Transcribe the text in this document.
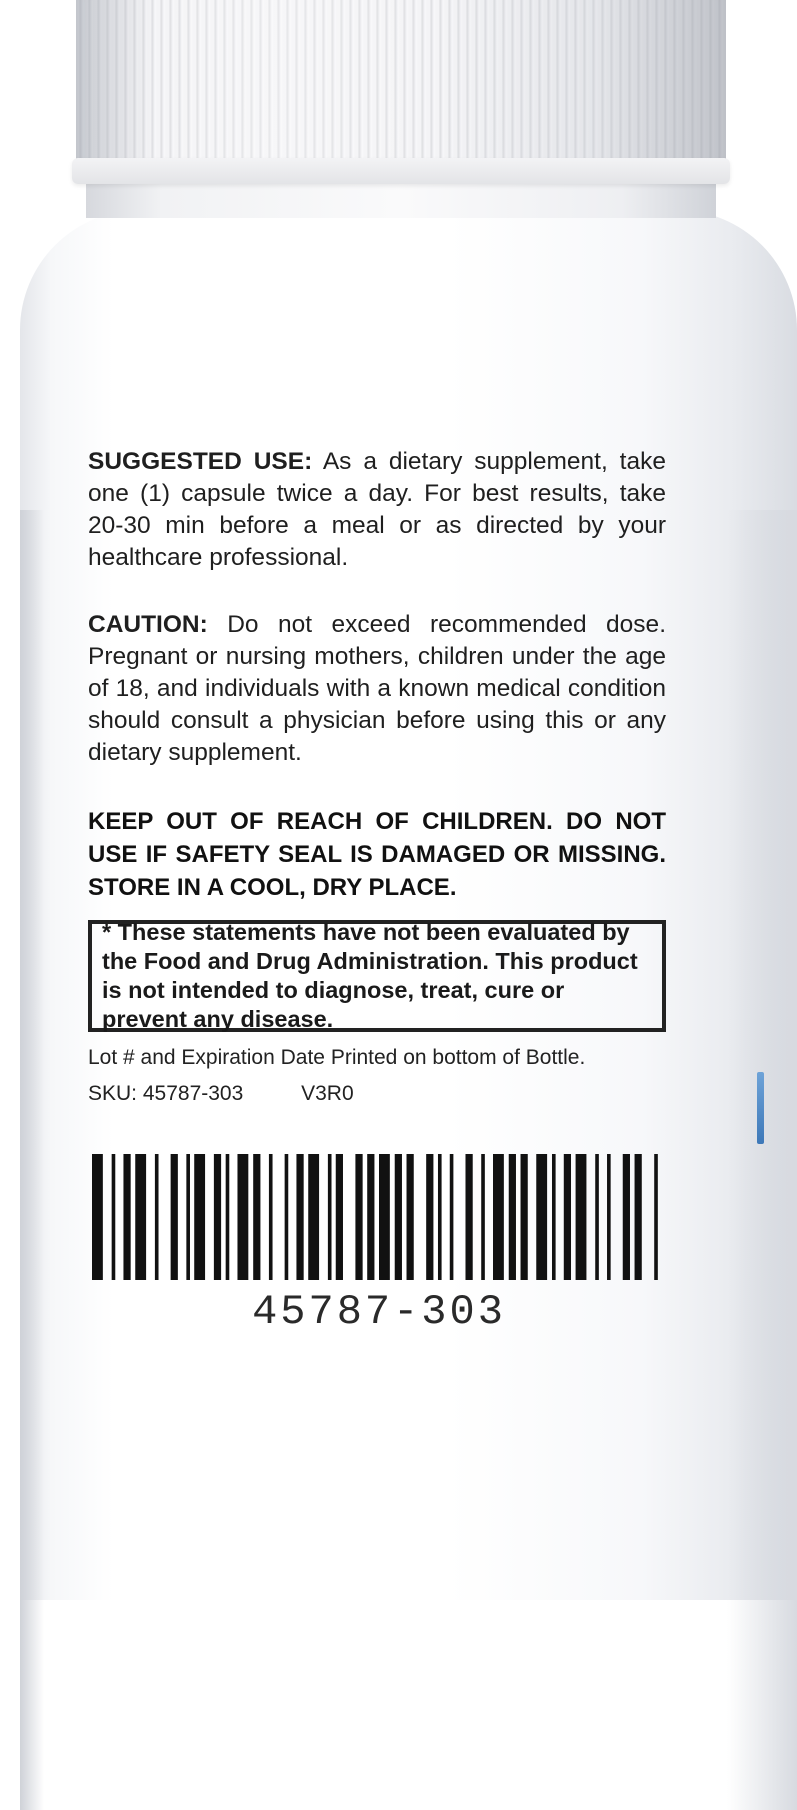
SUGGESTED USE: As a dietary supplement, take one (1) capsule twice a day. For best results, take 20-30 min before a meal or as directed by your healthcare professional.

CAUTION: Do not exceed recommended dose. Pregnant or nursing mothers, children under the age of 18, and individuals with a known medical condition should consult a physician before using this or any dietary supplement.

KEEP OUT OF REACH OF CHILDREN. DO NOT USE IF SAFETY SEAL IS DAMAGED OR MISSING. STORE IN A COOL, DRY PLACE.

* These statements have not been evaluated by the Food and Drug Administration. This product is not intended to diagnose, treat, cure or prevent any disease.

Lot # and Expiration Date Printed on bottom of Bottle.
SKU: 45787-303	V3R0
45787-303
